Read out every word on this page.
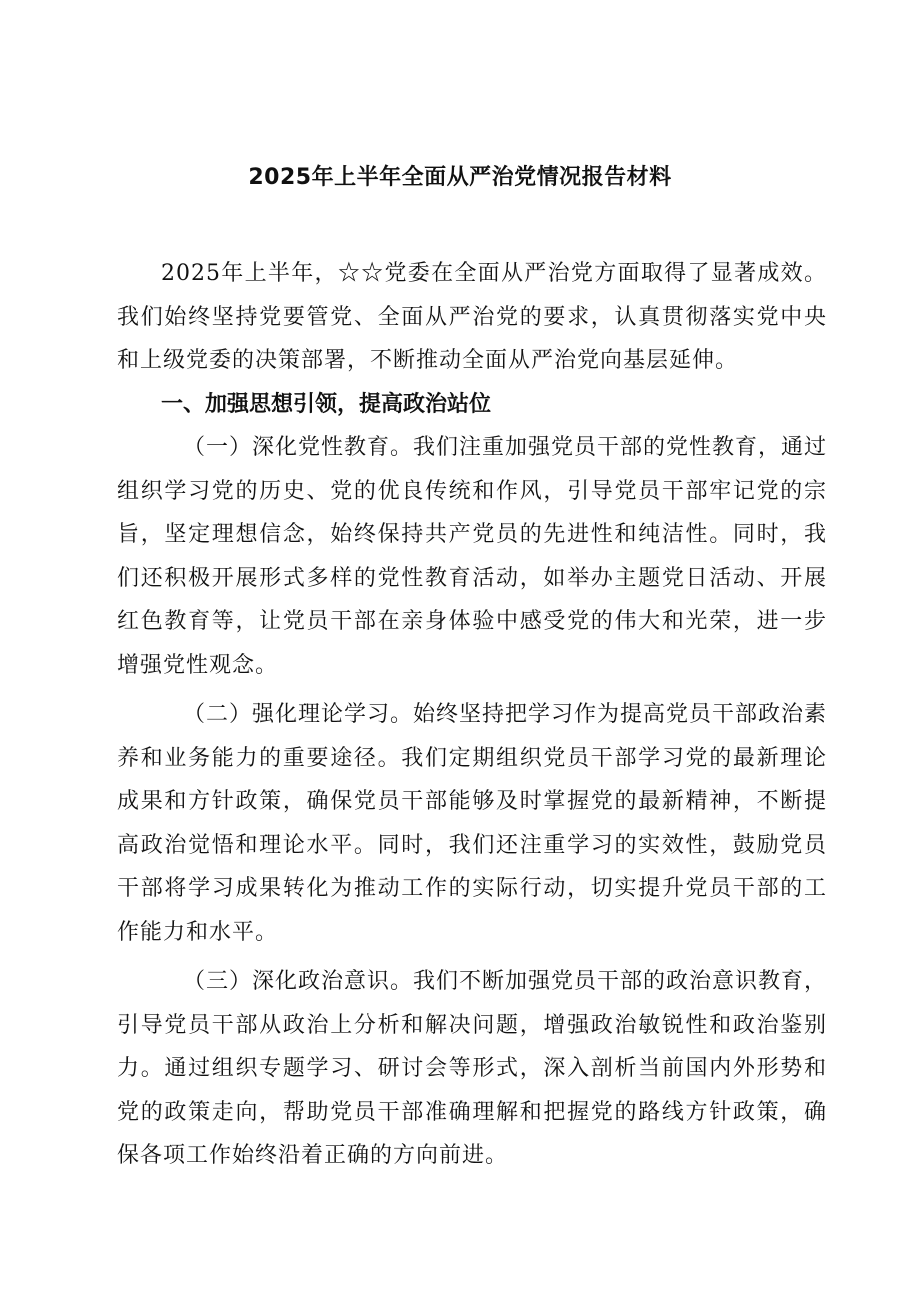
2025年上半年全面从严治党情况报告材料

2025年上半年，☆☆党委在全面从严治党方面取得了显著成效。我们始终坚持党要管党、全面从严治党的要求，认真贯彻落实党中央和上级党委的决策部署，不断推动全面从严治党向基层延伸。

一、加强思想引领，提高政治站位

（一）深化党性教育。我们注重加强党员干部的党性教育，通过组织学习党的历史、党的优良传统和作风，引导党员干部牢记党的宗旨，坚定理想信念，始终保持共产党员的先进性和纯洁性。同时，我们还积极开展形式多样的党性教育活动，如举办主题党日活动、开展红色教育等，让党员干部在亲身体验中感受党的伟大和光荣，进一步增强党性观念。

（二）强化理论学习。始终坚持把学习作为提高党员干部政治素养和业务能力的重要途径。我们定期组织党员干部学习党的最新理论成果和方针政策，确保党员干部能够及时掌握党的最新精神，不断提高政治觉悟和理论水平。同时，我们还注重学习的实效性，鼓励党员干部将学习成果转化为推动工作的实际行动，切实提升党员干部的工作能力和水平。

（三）深化政治意识。我们不断加强党员干部的政治意识教育，引导党员干部从政治上分析和解决问题，增强政治敏锐性和政治鉴别力。通过组织专题学习、研讨会等形式，深入剖析当前国内外形势和党的政策走向，帮助党员干部准确理解和把握党的路线方针政策，确保各项工作始终沿着正确的方向前进。
